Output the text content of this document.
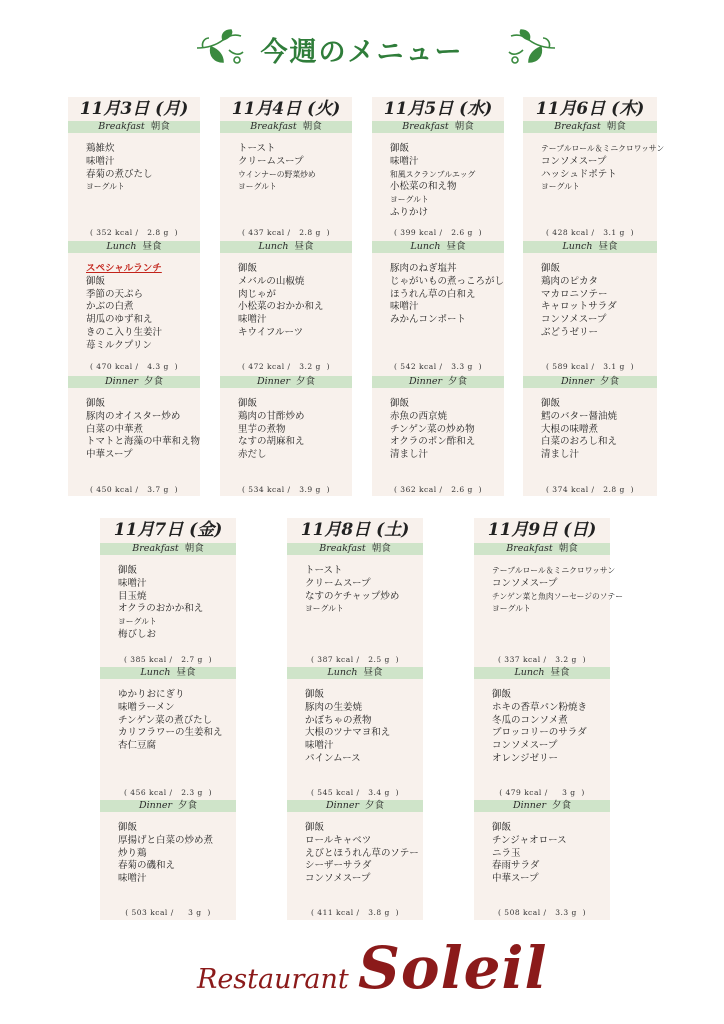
今週のメニュー
11月3日 (月)
Breakfast 朝食
鶏雑炊
味噌汁
春菊の煮びたし
ヨーグルト
( 352 kcal /   2.8 g  )
Lunch 昼食
スペシャルランチ
御飯
季節の天ぷら
かぶの白煮
胡瓜のゆず和え
きのこ入り生姜汁
苺ミルクプリン
( 470 kcal /   4.3 g  )
Dinner 夕食
御飯
豚肉のオイスター炒め
白菜の中華煮
トマトと海藻の中華和え物
中華スープ
( 450 kcal /   3.7 g  )
11月4日 (火)
Breakfast 朝食
トースト
クリームスープ
ウインナーの野菜炒め
ヨーグルト
( 437 kcal /   2.8 g  )
Lunch 昼食
御飯
メバルの山椒焼
肉じゃが
小松菜のおかか和え
味噌汁
キウイフルーツ
( 472 kcal /   3.2 g  )
Dinner 夕食
御飯
鶏肉の甘酢炒め
里芋の煮物
なすの胡麻和え
赤だし
( 534 kcal /   3.9 g  )
11月5日 (水)
Breakfast 朝食
御飯
味噌汁
和風スクランブルエッグ
小松菜の和え物
ヨーグルト
ふりかけ
( 399 kcal /   2.6 g  )
Lunch 昼食
豚肉のねぎ塩丼
じゃがいもの煮っころがし
ほうれん草の白和え
味噌汁
みかんコンポート
( 542 kcal /   3.3 g  )
Dinner 夕食
御飯
赤魚の西京焼
チンゲン菜の炒め物
オクラのポン酢和え
清まし汁
( 362 kcal /   2.6 g  )
11月6日 (木)
Breakfast 朝食
テーブルロール＆ミニクロワッサン
コンソメスープ
ハッシュドポテト
ヨーグルト
( 428 kcal /   3.1 g  )
Lunch 昼食
御飯
鶏肉のピカタ
マカロニソテー
キャロットサラダ
コンソメスープ
ぶどうゼリー
( 589 kcal /   3.1 g  )
Dinner 夕食
御飯
鱈のバター醤油焼
大根の味噌煮
白菜のおろし和え
清まし汁
( 374 kcal /   2.8 g  )
11月7日 (金)
Breakfast 朝食
御飯
味噌汁
目玉焼
オクラのおかか和え
ヨーグルト
梅びしお
( 385 kcal /   2.7 g  )
Lunch 昼食
ゆかりおにぎり
味噌ラーメン
チンゲン菜の煮びたし
カリフラワーの生姜和え
杏仁豆腐
( 456 kcal /   2.3 g  )
Dinner 夕食
御飯
厚揚げと白菜の炒め煮
炒り鶏
春菊の磯和え
味噌汁
( 503 kcal /     3 g  )
11月8日 (土)
Breakfast 朝食
トースト
クリームスープ
なすのケチャップ炒め
ヨーグルト
( 387 kcal /   2.5 g  )
Lunch 昼食
御飯
豚肉の生姜焼
かぼちゃの煮物
大根のツナマヨ和え
味噌汁
パインムース
( 545 kcal /   3.4 g  )
Dinner 夕食
御飯
ロールキャベツ
えびとほうれん草のソテー
シーザーサラダ
コンソメスープ
( 411 kcal /   3.8 g  )
11月9日 (日)
Breakfast 朝食
テーブルロール＆ミニクロワッサン
コンソメスープ
チンゲン菜と魚肉ソーセージのソテー
ヨーグルト
( 337 kcal /   3.2 g  )
Lunch 昼食
御飯
ホキの香草パン粉焼き
冬瓜のコンソメ煮
ブロッコリーのサラダ
コンソメスープ
オレンジゼリー
( 479 kcal /     3 g  )
Dinner 夕食
御飯
チンジャオロース
ニラ玉
春雨サラダ
中華スープ
( 508 kcal /   3.3 g  )
Restaurant Soleil
